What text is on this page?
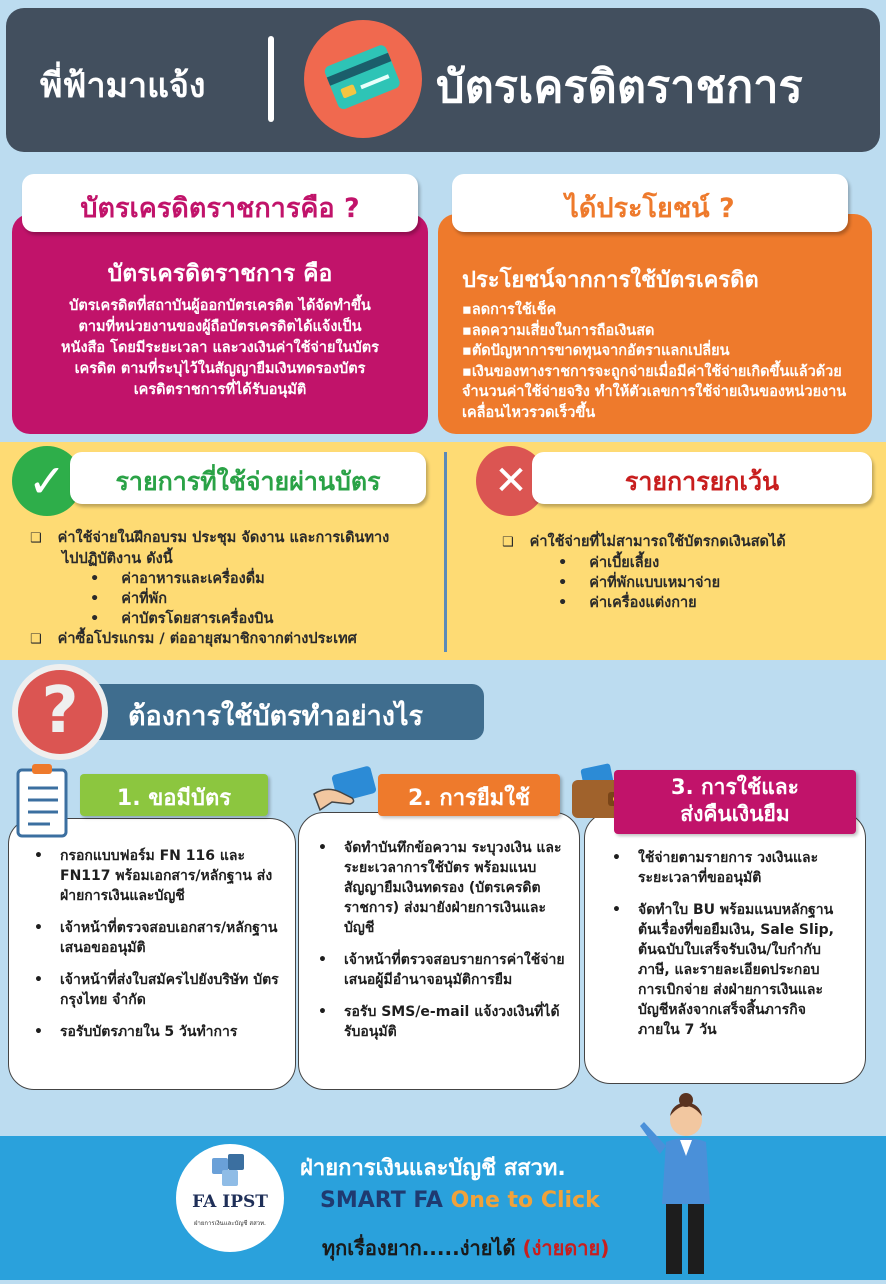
พี่ฟ้ามาแจ้ง	บัตรเครดิตราชการ
บัตรเครดิตราชการคือ ?
บัตรเครดิตราชการ คือ
บัตรเครดิตที่สถาบันผู้ออกบัตรเครดิต ได้จัดทำขึ้น
ตามที่หน่วยงานของผู้ถือบัตรเครดิตได้แจ้งเป็น
หนังสือ โดยมีระยะเวลา และวงเงินค่าใช้จ่ายในบัตร
เครดิต ตามที่ระบุไว้ในสัญญายืมเงินทดรองบัตร
เครดิตราชการที่ได้รับอนุมัติ
ได้ประโยชน์ ?
ประโยชน์จากการใช้บัตรเครดิต
▪ ลดการใช้เช็ค
▪ ลดความเสี่ยงในการถือเงินสด
▪ ตัดปัญหาการขาดทุนจากอัตราแลกเปลี่ยน
▪ เงินของทางราชการจะถูกจ่ายเมื่อมีค่าใช้จ่ายเกิดขึ้นแล้วด้วยจำนวนค่าใช้จ่ายจริง ทำให้ตัวเลขการใช้จ่ายเงินของหน่วยงานเคลื่อนไหวรวดเร็วขึ้น
✓	รายการที่ใช้จ่ายผ่านบัตร
❑ ค่าใช้จ่ายในฝึกอบรม ประชุม จัดงาน และการเดินทาง
ไปปฏิบัติงาน ดังนี้
• ค่าอาหารและเครื่องดื่ม
• ค่าที่พัก
• ค่าบัตรโดยสารเครื่องบิน
❑ ค่าซื้อโปรแกรม / ต่ออายุสมาชิกจากต่างประเทศ
✕	รายการยกเว้น
❑ ค่าใช้จ่ายที่ไม่สามารถใช้บัตรกดเงินสดได้
• ค่าเบี้ยเลี้ยง
• ค่าที่พักแบบเหมาจ่าย
• ค่าเครื่องแต่งกาย
ต้องการใช้บัตรทำอย่างไร
?
1. ขอมีบัตร
• กรอกแบบฟอร์ม FN 116 และ FN117 พร้อมเอกสาร/หลักฐาน ส่งฝ่ายการเงินและบัญชี
• เจ้าหน้าที่ตรวจสอบเอกสาร/หลักฐาน เสนอขออนุมัติ
• เจ้าหน้าที่ส่งใบสมัครไปยังบริษัท บัตรกรุงไทย จำกัด
• รอรับบัตรภายใน 5 วันทำการ
2. การยืมใช้
• จัดทำบันทึกข้อความ ระบุวงเงิน และระยะเวลาการใช้บัตร พร้อมแนบสัญญายืมเงินทดรอง (บัตรเครดิตราชการ) ส่งมายังฝ่ายการเงินและบัญชี
• เจ้าหน้าที่ตรวจสอบรายการค่าใช้จ่าย เสนอผู้มีอำนาจอนุมัติการยืม
• รอรับ SMS/e-mail แจ้งวงเงินที่ได้รับอนุมัติ
3. การใช้และ
ส่งคืนเงินยืม
• ใช้จ่ายตามรายการ วงเงินและระยะเวลาที่ขออนุมัติ
• จัดทำใบ BU พร้อมแนบหลักฐาน ต้นเรื่องที่ขอยืมเงิน, Sale Slip, ต้นฉบับใบเสร็จรับเงิน/ใบกำกับภาษี, และรายละเอียดประกอบการเบิกจ่าย ส่งฝ่ายการเงินและบัญชีหลังจากเสร็จสิ้นภารกิจภายใน 7 วัน
FA IPST
ฝ่ายการเงินและบัญชี สสวท.
ฝ่ายการเงินและบัญชี สสวท.
SMART FA One to Click
ทุกเรื่องยาก.....ง่ายได้ (ง่ายดาย)
